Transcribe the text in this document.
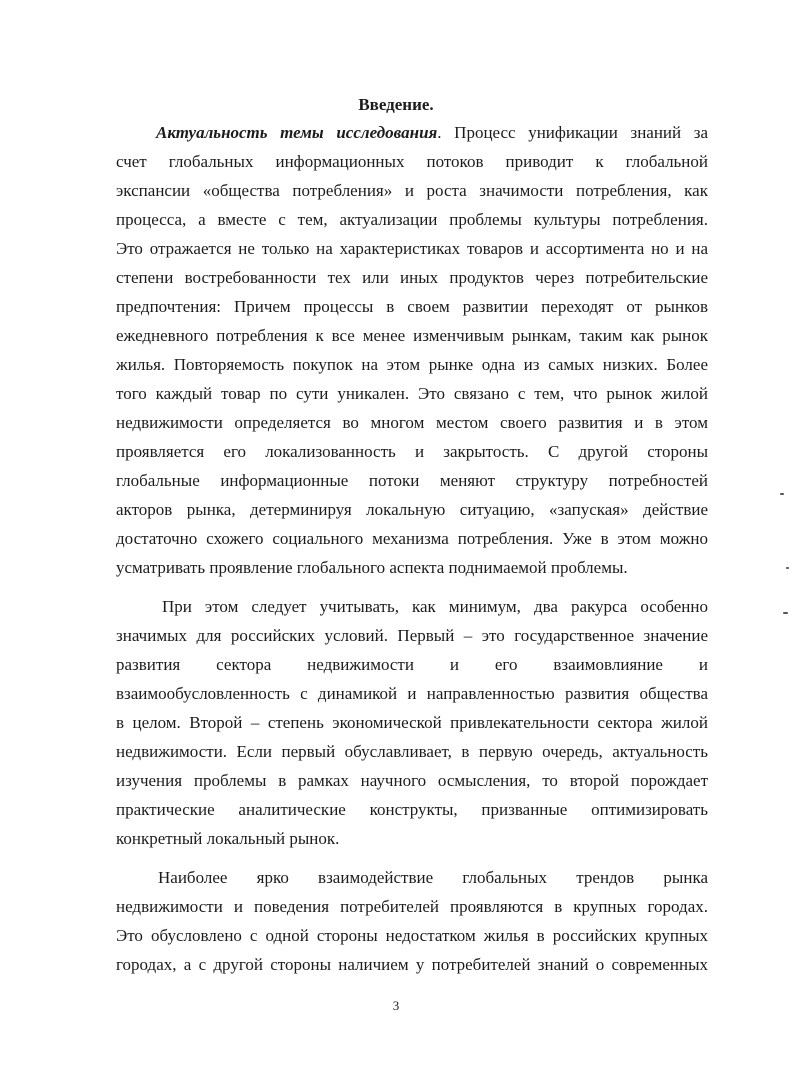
Введение.
Актуальность темы исследования. Процесс унификации знаний за
счет глобальных информационных потоков приводит к глобальной
экспансии «общества потребления» и роста значимости потребления, как
процесса, а вместе с тем, актуализации проблемы культуры потребления.
Это отражается не только на характеристиках товаров и ассортимента но и на
степени востребованности тех или иных продуктов через потребительские
предпочтения: Причем процессы в своем развитии переходят от рынков
ежедневного потребления к все менее изменчивым рынкам, таким как рынок
жилья. Повторяемость покупок на этом рынке одна из самых низких. Более
того каждый товар по сути уникален. Это связано с тем, что рынок жилой
недвижимости определяется во многом местом своего развития и в этом
проявляется его локализованность и закрытость. С другой стороны
глобальные информационные потоки меняют структуру потребностей
акторов рынка, детерминируя локальную ситуацию, «запуская» действие
достаточно схожего социального механизма потребления. Уже в этом можно
усматривать проявление глобального аспекта поднимаемой проблемы.
При этом следует учитывать, как минимум, два ракурса особенно
значимых для российских условий. Первый – это государственное значение
развития сектора недвижимости и его взаимовлияние и
взаимообусловленность с динамикой и направленностью развития общества
в целом. Второй – степень экономической привлекательности сектора жилой
недвижимости. Если первый обуславливает, в первую очередь, актуальность
изучения проблемы в рамках научного осмысления, то второй порождает
практические аналитические конструкты, призванные оптимизировать
конкретный локальный рынок.
Наиболее ярко взаимодействие глобальных трендов рынка
недвижимости и поведения потребителей проявляются в крупных городах.
Это обусловлено с одной стороны недостатком жилья в российских крупных
городах, а с другой стороны наличием у потребителей знаний о современных
3
